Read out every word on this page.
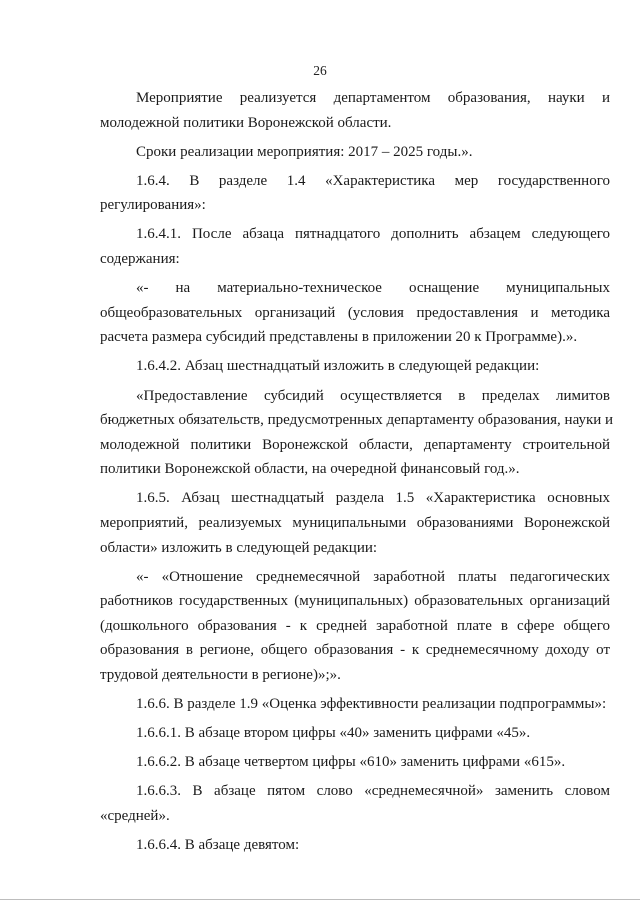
26
Мероприятие реализуется департаментом образования, науки и
молодежной политики Воронежской области.
Сроки реализации мероприятия: 2017 – 2025 годы.».
1.6.4. В разделе 1.4 «Характеристика мер государственного
регулирования»:
1.6.4.1. После абзаца пятнадцатого дополнить абзацем следующего
содержания:
«- на материально-техническое оснащение муниципальных
общеобразовательных организаций (условия предоставления и методика
расчета размера субсидий представлены в приложении 20 к Программе).».
1.6.4.2. Абзац шестнадцатый изложить в следующей редакции:
«Предоставление субсидий осуществляется в пределах лимитов
бюджетных обязательств, предусмотренных департаменту образования, науки и
молодежной политики Воронежской области, департаменту строительной
политики Воронежской области, на очередной финансовый год.».
1.6.5. Абзац шестнадцатый раздела 1.5 «Характеристика основных
мероприятий, реализуемых муниципальными образованиями Воронежской
области» изложить в следующей редакции:
«- «Отношение среднемесячной заработной платы педагогических
работников государственных (муниципальных) образовательных организаций
(дошкольного образования - к средней заработной плате в сфере общего
образования в регионе, общего образования - к среднемесячному доходу от
трудовой деятельности в регионе)»;».
1.6.6. В разделе 1.9 «Оценка эффективности реализации подпрограммы»:
1.6.6.1. В абзаце втором цифры «40» заменить цифрами «45».
1.6.6.2. В абзаце четвертом цифры «610» заменить цифрами «615».
1.6.6.3. В абзаце пятом слово «среднемесячной» заменить словом
«средней».
1.6.6.4. В абзаце девятом:
